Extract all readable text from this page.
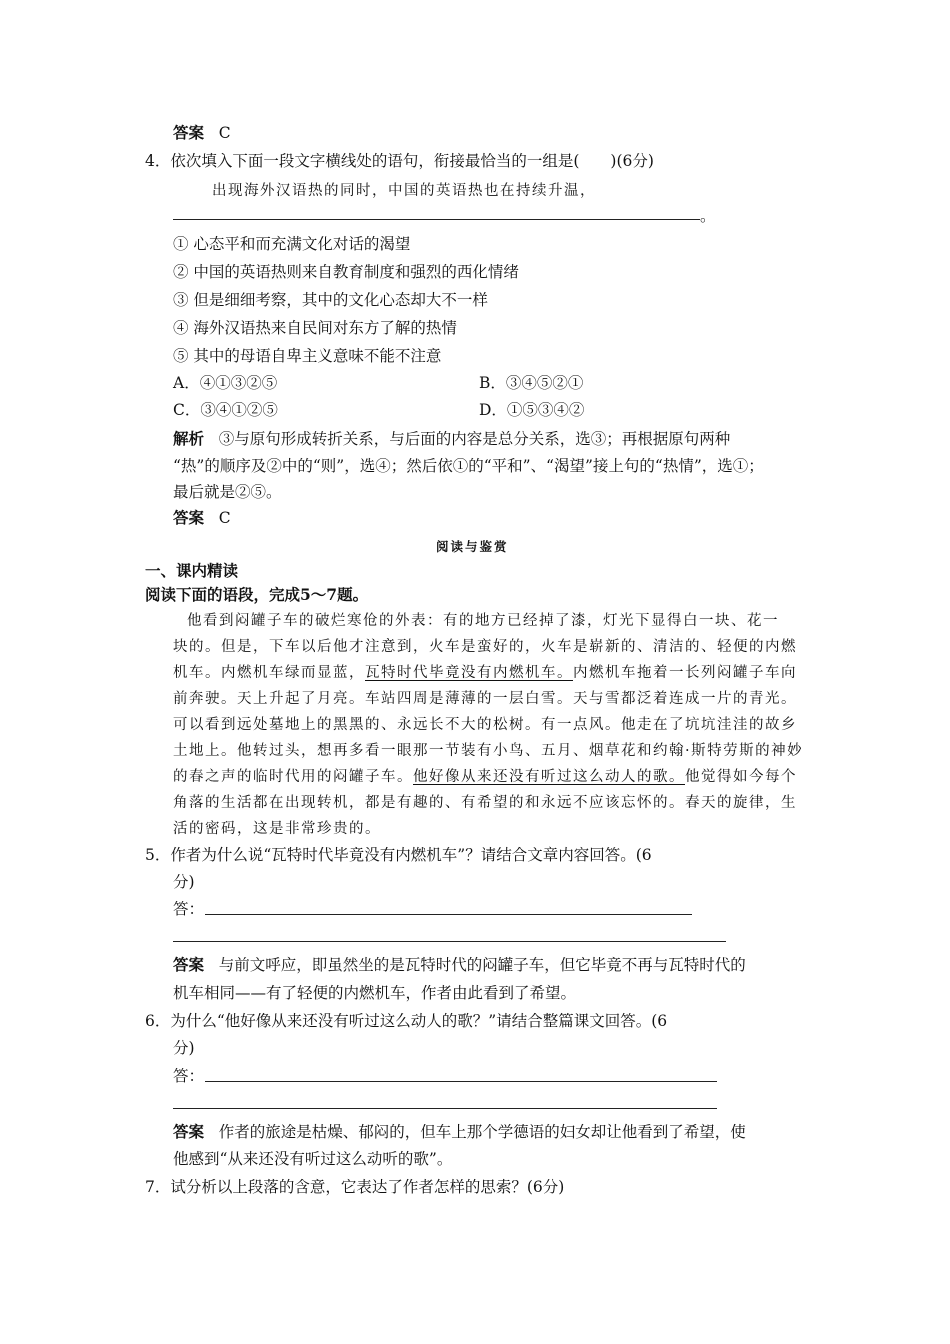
答案 C
4．依次填入下面一段文字横线处的语句，衔接最恰当的一组是(　　)(6分)
出现海外汉语热的同时，中国的英语热也在持续升温，
。
① 心态平和而充满文化对话的渴望
② 中国的英语热则来自教育制度和强烈的西化情绪
③ 但是细细考察，其中的文化心态却大不一样
④ 海外汉语热来自民间对东方了解的热情
⑤ 其中的母语自卑主义意味不能不注意
A．④①③②⑤	B．③④⑤②①
C．③④①②⑤	D．①⑤③④②
解析 ③与原句形成转折关系，与后面的内容是总分关系，选③；再根据原句两种
“热”的顺序及②中的“则”，选④；然后依①的“平和”、“渴望”接上句的“热情”，选①；
最后就是②⑤。
答案 C
阅读与鉴赏
一、课内精读
阅读下面的语段，完成5～7题。
他看到闷罐子车的破烂寒伧的外表：有的地方已经掉了漆，灯光下显得白一块、花一
块的。但是，下车以后他才注意到，火车是蛮好的，火车是崭新的、清洁的、轻便的内燃
机车。内燃机车绿而显蓝，瓦特时代毕竟没有内燃机车。内燃机车拖着一长列闷罐子车向
前奔驶。天上升起了月亮。车站四周是薄薄的一层白雪。天与雪都泛着连成一片的青光。
可以看到远处墓地上的黑黑的、永远长不大的松树。有一点风。他走在了坑坑洼洼的故乡
土地上。他转过头，想再多看一眼那一节装有小鸟、五月、烟草花和约翰·斯特劳斯的神妙
的春之声的临时代用的闷罐子车。他好像从来还没有听过这么动人的歌。他觉得如今每个
角落的生活都在出现转机，都是有趣的、有希望的和永远不应该忘怀的。春天的旋律，生
活的密码，这是非常珍贵的。
5．作者为什么说“瓦特时代毕竟没有内燃机车”？请结合文章内容回答。(6
分)
答：
答案 与前文呼应，即虽然坐的是瓦特时代的闷罐子车，但它毕竟不再与瓦特时代的
机车相同——有了轻便的内燃机车，作者由此看到了希望。
6．为什么“他好像从来还没有听过这么动人的歌？”请结合整篇课文回答。(6
分)
答：
答案 作者的旅途是枯燥、郁闷的，但车上那个学德语的妇女却让他看到了希望，使
他感到“从来还没有听过这么动听的歌”。
7．试分析以上段落的含意，它表达了作者怎样的思索？(6分)
